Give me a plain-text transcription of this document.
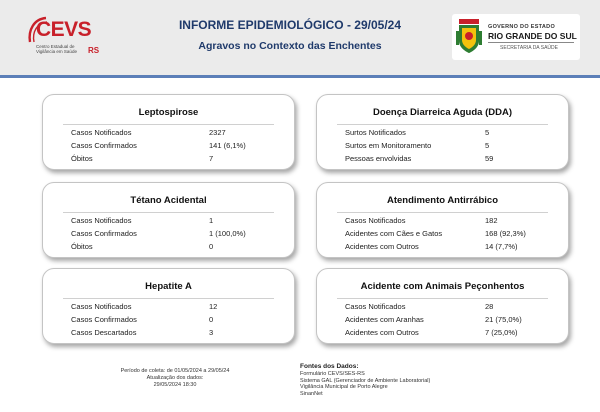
CEVS
Centro Estadual de Vigilância em Saúde	RS
INFORME EPIDEMIOLÓGICO - 29/05/24
Agravos no Contexto das Enchentes
GOVERNO DO ESTADO
RIO GRANDE DO SUL
SECRETARIA DA SAÚDE
Leptospirose
Casos Notificados	2327
Casos Confirmados	141 (6,1%)
Óbitos	7
Doença Diarreica Aguda (DDA)
Surtos Notificados	5
Surtos em Monitoramento	5
Pessoas envolvidas	59
Tétano Acidental
Casos Notificados	1
Casos Confirmados	1 (100,0%)
Óbitos	0
Atendimento Antirrábico
Casos Notificados	182
Acidentes com Cães e Gatos	168 (92,3%)
Acidentes com Outros	14 (7,7%)
Hepatite A
Casos Notificados	12
Casos Confirmados	0
Casos Descartados	3
Acidente com Animais Peçonhentos
Casos Notificados	28
Acidentes com Aranhas	21 (75,0%)
Acidentes com Outros	7 (25,0%)
Período de coleta: de 01/05/2024 a 29/05/24
Atualização dos dados:
29/05/2024 18:30
Fontes dos Dados:
Formulário CEVS/SES-RS
Sistema GAL (Gerenciador de Ambiente Laboratorial)
Vigilância Municipal de Porto Alegre
SinanNet
